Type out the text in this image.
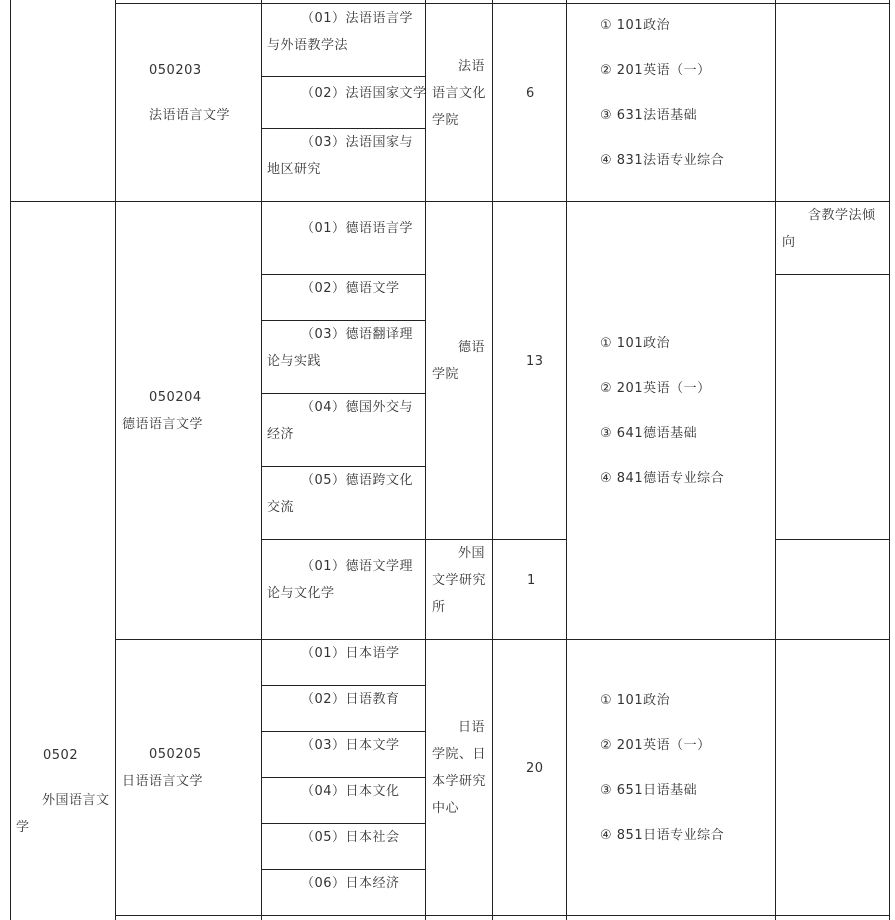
050203
法语语言文学
（01）法语语言学与外语教学法
（02）法语国家文学
（03）法语国家与地区研究
法语语言文化学院
6
① 101政治
② 201英语（一）
③ 631法语基础
④ 831法语专业综合
050204
德语语言文学
（01）德语语言学
（02）德语文学
（03）德语翻译理论与实践
（04）德国外交与经济
（05）德语跨文化交流
（01）德语文学理论与文化学
德语学院
外国文学研究所
13
1
① 101政治
② 201英语（一）
③ 641德语基础
④ 841德语专业综合
含教学法倾向
0502
外国语言文学
050205
日语语言文学
（01）日本语学
（02）日语教育
（03）日本文学
（04）日本文化
（05）日本社会
（06）日本经济
日语学院、日本学研究中心
20
① 101政治
② 201英语（一）
③ 651日语基础
④ 851日语专业综合
